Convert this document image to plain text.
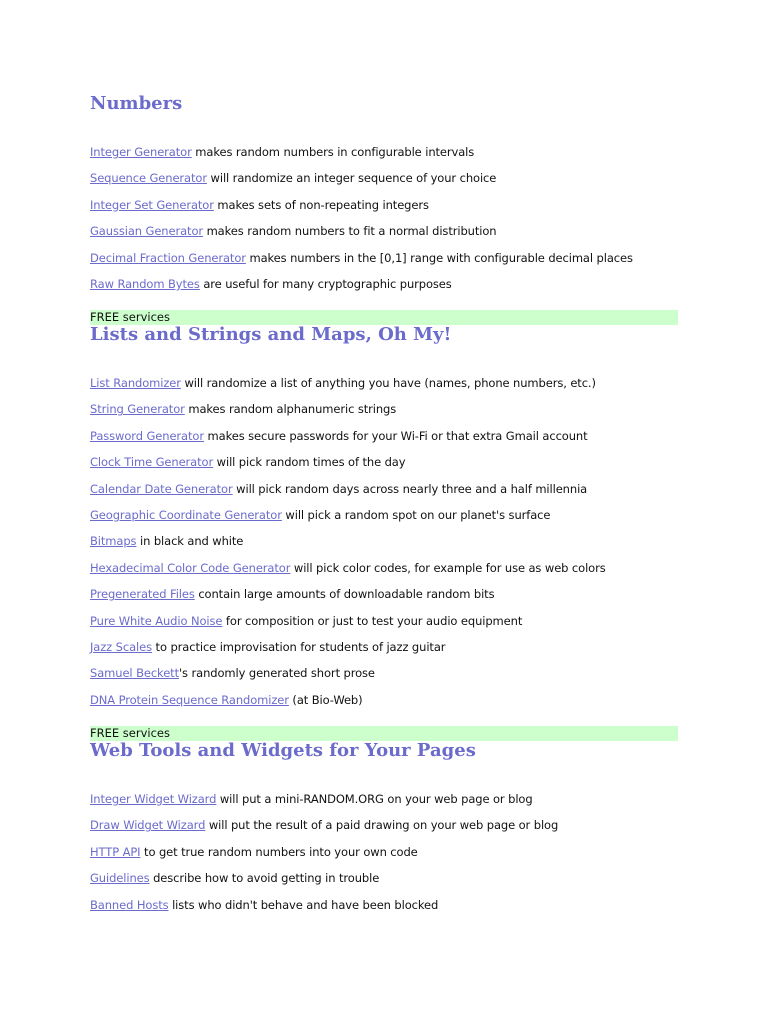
Numbers
Integer Generator makes random numbers in configurable intervals
Sequence Generator will randomize an integer sequence of your choice
Integer Set Generator makes sets of non-repeating integers
Gaussian Generator makes random numbers to fit a normal distribution
Decimal Fraction Generator makes numbers in the [0,1] range with configurable decimal places
Raw Random Bytes are useful for many cryptographic purposes
FREE services
Lists and Strings and Maps, Oh My!
List Randomizer will randomize a list of anything you have (names, phone numbers, etc.)
String Generator makes random alphanumeric strings
Password Generator makes secure passwords for your Wi-Fi or that extra Gmail account
Clock Time Generator will pick random times of the day
Calendar Date Generator will pick random days across nearly three and a half millennia
Geographic Coordinate Generator will pick a random spot on our planet's surface
Bitmaps in black and white
Hexadecimal Color Code Generator will pick color codes, for example for use as web colors
Pregenerated Files contain large amounts of downloadable random bits
Pure White Audio Noise for composition or just to test your audio equipment
Jazz Scales to practice improvisation for students of jazz guitar
Samuel Beckett's randomly generated short prose
DNA Protein Sequence Randomizer (at Bio-Web)
FREE services
Web Tools and Widgets for Your Pages
Integer Widget Wizard will put a mini-RANDOM.ORG on your web page or blog
Draw Widget Wizard will put the result of a paid drawing on your web page or blog
HTTP API to get true random numbers into your own code
Guidelines describe how to avoid getting in trouble
Banned Hosts lists who didn't behave and have been blocked
